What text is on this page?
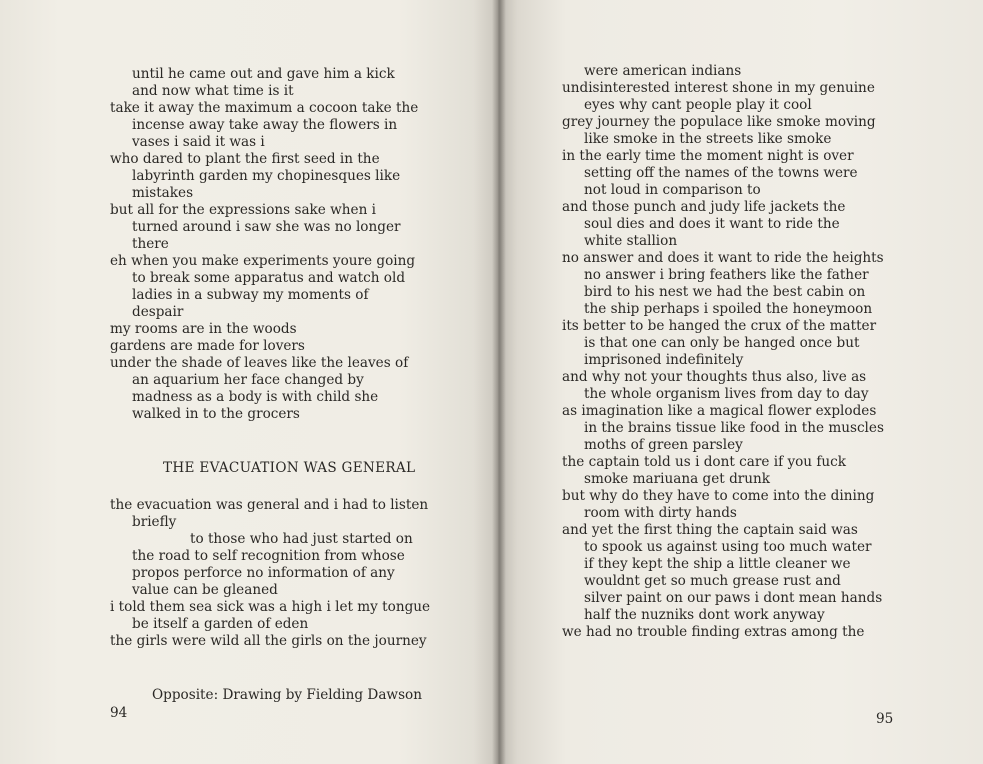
until he came out and gave him a kick
and now what time is it
take it away the maximum a cocoon take the
incense away take away the flowers in
vases i said it was i
who dared to plant the first seed in the
labyrinth garden my chopinesques like
mistakes
but all for the expressions sake when i
turned around i saw she was no longer
there
eh when you make experiments youre going
to break some apparatus and watch old
ladies in a subway my moments of
despair
my rooms are in the woods
gardens are made for lovers
under the shade of leaves like the leaves of
an aquarium her face changed by
madness as a body is with child she
walked in to the grocers
THE EVACUATION WAS GENERAL
the evacuation was general and i had to listen
briefly
to those who had just started on
the road to self recognition from whose
propos perforce no information of any
value can be gleaned
i told them sea sick was a high i let my tongue
be itself a garden of eden
the girls were wild all the girls on the journey
Opposite: Drawing by Fielding Dawson
94
were american indians
undisinterested interest shone in my genuine
eyes why cant people play it cool
grey journey the populace like smoke moving
like smoke in the streets like smoke
in the early time the moment night is over
setting off the names of the towns were
not loud in comparison to
and those punch and judy life jackets the
soul dies and does it want to ride the
white stallion
no answer and does it want to ride the heights
no answer i bring feathers like the father
bird to his nest we had the best cabin on
the ship perhaps i spoiled the honeymoon
its better to be hanged the crux of the matter
is that one can only be hanged once but
imprisoned indefinitely
and why not your thoughts thus also, live as
the whole organism lives from day to day
as imagination like a magical flower explodes
in the brains tissue like food in the muscles
moths of green parsley
the captain told us i dont care if you fuck
smoke mariuana get drunk
but why do they have to come into the dining
room with dirty hands
and yet the first thing the captain said was
to spook us against using too much water
if they kept the ship a little cleaner we
wouldnt get so much grease rust and
silver paint on our paws i dont mean hands
half the nuzniks dont work anyway
we had no trouble finding extras among the
95
